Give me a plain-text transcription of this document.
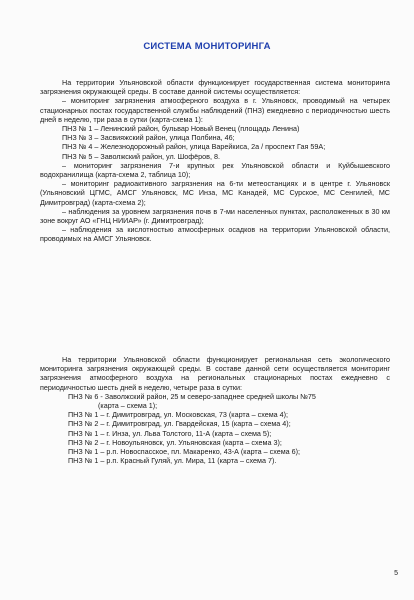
СИСТЕМА МОНИТОРИНГА
На территории Ульяновской области функционирует государственная система мониторинга загрязнения окружающей среды. В составе данной системы осуществляется:
– мониторинг загрязнения атмосферного воздуха в г. Ульяновск, проводимый на четырех стационарных постах государственной службы наблюдений (ПНЗ) ежедневно с периодичностью шесть дней в неделю, три раза в сутки (карта-схема 1):
ПНЗ № 1 – Ленинский район, бульвар Новый Венец (площадь Ленина)
ПНЗ № 3 – Засвияжский район, улица Полбина, 46;
ПНЗ № 4 – Железнодорожный район, улица Варейкиса, 2а / проспект Гая 59А;
ПНЗ № 5 – Заволжский район, ул. Шофёров, 8.
– мониторинг загрязнения 7-и крупных рек Ульяновской области и Куйбышевского водохранилища (карта-схема 2, таблица 10);
– мониторинг радиоактивного загрязнения на 6-ти метеостанциях и в центре г. Ульяновск (Ульяновский ЦГМС, АМСГ Ульяновск, МС Инза, МС Канадей, МС Сурское, МС Сенгилей, МС Димитровград) (карта-схема 2);
– наблюдения за уровнем загрязнения почв в 7-ми населенных пунктах, расположенных в 30 км зоне вокруг АО «ГНЦ НИИАР» (г. Димитровград);
– наблюдения за кислотностью атмосферных осадков на территории Ульяновской области, проводимых на АМСГ Ульяновск.
На территории Ульяновской области функционирует региональная сеть экологического мониторинга загрязнения окружающей среды. В составе данной сети осуществляется мониторинг загрязнения атмосферного воздуха на региональных стационарных постах ежедневно с периодичностью шесть дней в неделю, четыре раза в сутки:
ПНЗ № 6 - Заволжский район, 25 м северо-западнее средней школы №75
(карта – схема 1);
ПНЗ № 1 – г. Димитровград, ул. Московская, 73 (карта – схема 4);
ПНЗ № 2 – г. Димитровград, ул. Гвардейская, 15 (карта – схема 4);
ПНЗ № 1 – г. Инза, ул. Льва Толстого, 11-А (карта – схема 5);
ПНЗ № 2 – г. Новоульяновск, ул. Ульяновская (карта – схема 3);
ПНЗ № 1 – р.п. Новоспасское, пл. Макаренко, 43-А (карта – схема 6);
ПНЗ № 1 – р.п. Красный Гуляй, ул. Мира, 11 (карта – схема 7).
5
